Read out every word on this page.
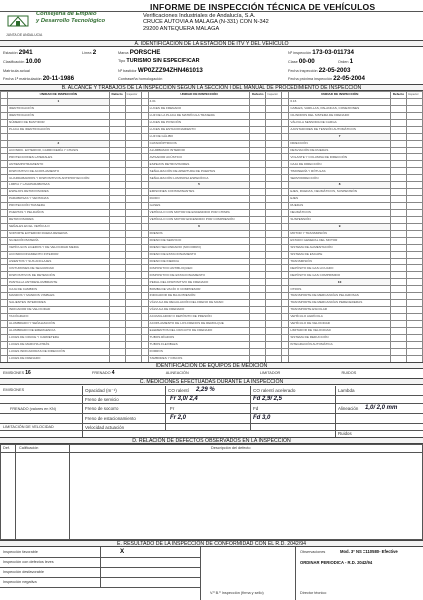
INFORME DE INSPECCIÓN TÉCNICA DE VEHÍCULOS
Consejería de Empleo
y Desarrollo Tecnológico
JUNTA DE ANDALUCIA
Verificaciones Industriales de Andalucía, S.A.
CRUCE AUTOVIA A MALAGA (N-331) CON N-342
29200 ANTEQUERA MALAGA
A. IDENTIFICACIÓN DE LA ESTACIÓN DE ITV Y DEL VEHÍCULO
Estación 2941	Línea 2
Clasificación 10.00
Matrícula actual
Fecha 1ª matriculación 20-11-1986
Marca PORSCHE
Tipo TURISMO SIN ESPECIFICAR
Nº bastidor WP0ZZZ94ZHN461013
Contraseña homologación
Nº inspección 173-03-011734
Clase 00-00	Orden 1
Fecha inspección 22-05-2003
Fecha próxima inspección 22-05-2004
B. ALCANCE Y TRABAJOS DE LA INSPECCIÓN SEGÚN LA SECCIÓN I DEL MANUAL DE PROCEDIMIENTO DE INSPECCIÓN
	UNIDAD DE INSPECCIÓN	Defecto	Inspector		UNIDAD DE INSPECCIÓN	Defecto	Inspector		UNIDAD DE INSPECCIÓN	Defecto	Inspector
	1				4.01				6.16		
	IDENTIFICACIÓN				LUCES DE FRENADO				CABLES, VARILLAS, PALANCAS, CONEXIONES		
	IDENTIFICACIÓN				LUZ DE LA PLACA DE MATRÍCULA TRASERA				CILINDROS DEL SISTEMA DE FRENADO		
	NÚMERO DE BASTIDOR				LUCES DE POSICIÓN				VÁLVULA SENSORA DE CARGA		
	PLACA DE IDENTIFICACIÓN				LUCES DE ESTACIONAMIENTO				AJUSTADORES DE TENSIÓN AUTOMÁTICOS		
					LUZ DE GÁLIBO				7		
	2				CATADIÓPTRICOS				DIRECCIÓN		
	ACONDIC. EXTERIOR, CARROCERÍA Y CHASIS				ALUMBRADO INTERIOR				DESVIACIÓN DE RUEDAS		
	PROTECCIONES LATERALES				AVISADOR ACÚSTICO				VOLANTE Y COLUMNA DE DIRECCIÓN		
	ANTIEMPOTRAMIENTO				ESPEJOS RETROVISORES				CAJA DE DIRECCIÓN		
	DISPOSITIVO DE ACOPLAMIENTO				SEÑALIZACIÓN DE APERTURA DE PUERTAS				TIMONERÍA Y RÓTULAS		
	GUARDABARROS Y DISPOSITIVOS ANTIPROYECCIÓN				SEÑALIZACIÓN LUMINOSA ESPECÍFICA				SERVODIRECCIÓN		
	LIMPIA Y LAVAPARABRISAS				5				8		
	ESPEJOS RETROVISORES				EMISIONES CONTAMINANTES				EJES, RUEDAS, NEUMÁTICOS, SUSPENSIÓN		
	PARABRISAS Y VENTANAS				RUIDO				EJES		
	PROTECCIÓN TRASERA				GASES				RUEDAS		
	PUERTAS Y PELDAÑOS				VEHÍCULO CON MOTOR DE ENCENDIDO POR CHISPA				NEUMÁTICOS		
	RETROVISORES				VEHÍCULO CON MOTOR ENCENDIDO POR COMPRESIÓN				SUSPENSIÓN		
	SEÑALES EN EL VEHÍCULO				6				9		
	SOPORTE EXTERIOR RUEDA RESERVA				FRENOS				MOTOR Y TRANSMISIÓN		
	SUJECIÓN BATERÍA				FRENO DE SERVICIO				ESTADO GENERAL DEL MOTOR		
	VEHÍCULOS LIGEROS Y DE VELOCIDAD MEDIA				FRENO SECUNDARIO (SOCORRO)				SISTEMA DE ALIMENTACIÓN		
	ACONDICIONAMIENTO INTERIOR				FRENO DE ESTACIONAMIENTO				SISTEMA DE ESCAPE		
	ASIENTOS Y SUS ANCLAJES				FRENO DE INERCIA				TRANSMISIÓN		
	CINTURONES DE SEGURIDAD				DISPOSITIVO ANTIBLOQUEO				DEPÓSITO DE GAS LICUADO		
	DISPOSITIVOS DE RETENCIÓN				DISPOSITIVO DE ESTACIONAMIENTO				DEPÓSITO DE GAS COMPRIMIDO		
	PANTALLA ANTIDESLUMBRANTE				PEDAL DEL DISPOSITIVO DE FRENADO				10		
	CAJA DE CAMBIOS				BOMBA DE VACÍO O COMPRESOR				OTROS		
	MANDOS Y MANDOS VISIBLES				INDICADOR DE BAJA PRESIÓN				TRANSPORTE DE MERCANCÍAS PELIGROSAS		
	SALIENTES INTERIORES				VÁLVULA DE REGULACIÓN DEL FRENO DE MANO				TRANSPORTE DE MERCANCÍAS PERECEDERAS		
	INDICADOR DE VELOCIDAD				VÁLVULA DE FRENADO				TRANSPORTE ESCOLAR		
	TACÓGRAFO				ACUMULADOR O DEPÓSITO DE PRESIÓN				VEHÍCULO AGRÍCOLA		
	ALUMBRADO Y SEÑALIZACIÓN				ACOPLAMIENTO DE LOS FRENOS DE REMOLQUE				VEHÍCULO DE VELOCIDAD		
	ALUMBRADO DE EMERGENCIA				ELEMENTOS DEL CIRCUITO DE FRENADO				LIMITADOR DE VELOCIDAD		
	LUCES DE CRUCE Y CARRETERA				TUBOS RÍGIDOS				SISTEMA DE REDUCCIÓN		
	LUCES DE MARCHA ATRÁS				TUBOS FLEXIBLES				INTEGRACIÓN AUTOMÁTICA		
	LUCES INDICADORAS DE DIRECCIÓN				FORROS						
	LUCES DE FRENADO				TAMBORES Y DISCOS						
IDENTIFICACIÓN DE EQUIPOS DE MEDICIÓN
EMISIONES 16	FRENADO 4	ALINEACIÓN	LIMITADOR	RUIDOS
C. MEDICIONES EFECTUADAS DURANTE LA INSPECCIÓN
EMISIONES	Opacidad (m⁻¹)	CO ralentí 2,29 %	CO ralentí acelerado	Lambda
FRENADO (valores en KN)
Freno de servicio	Fr 3,0/ 2,4	Fd 2,9/ 2,5
Freno de socorro	Fr	Fd	Alineación 1,0/ 2,0 mm
Freno de estacionamiento	Fr 2,0	Fd 3,0
LIMITACIÓN DE VELOCIDAD	Velocidad actuación
Ruidos
D. RELACIÓN DE DEFECTOS OBSERVADOS EN LA INSPECCIÓN
Def. Calificación	Descripción del defecto
E. RESULTADO DE LA INSPECCIÓN DE CONFORMIDAD CON EL R.D. 2042/94
Inspección favorable	X
Inspección con defectos leves
Inspección desfavorable
Inspección negativa
V.º B.º Inspección (firma y sello)
Observaciones	Mod. 3º NS =110580- Efective
ORDINAR PERIODICA - R.D. 2042/94
Director técnico
